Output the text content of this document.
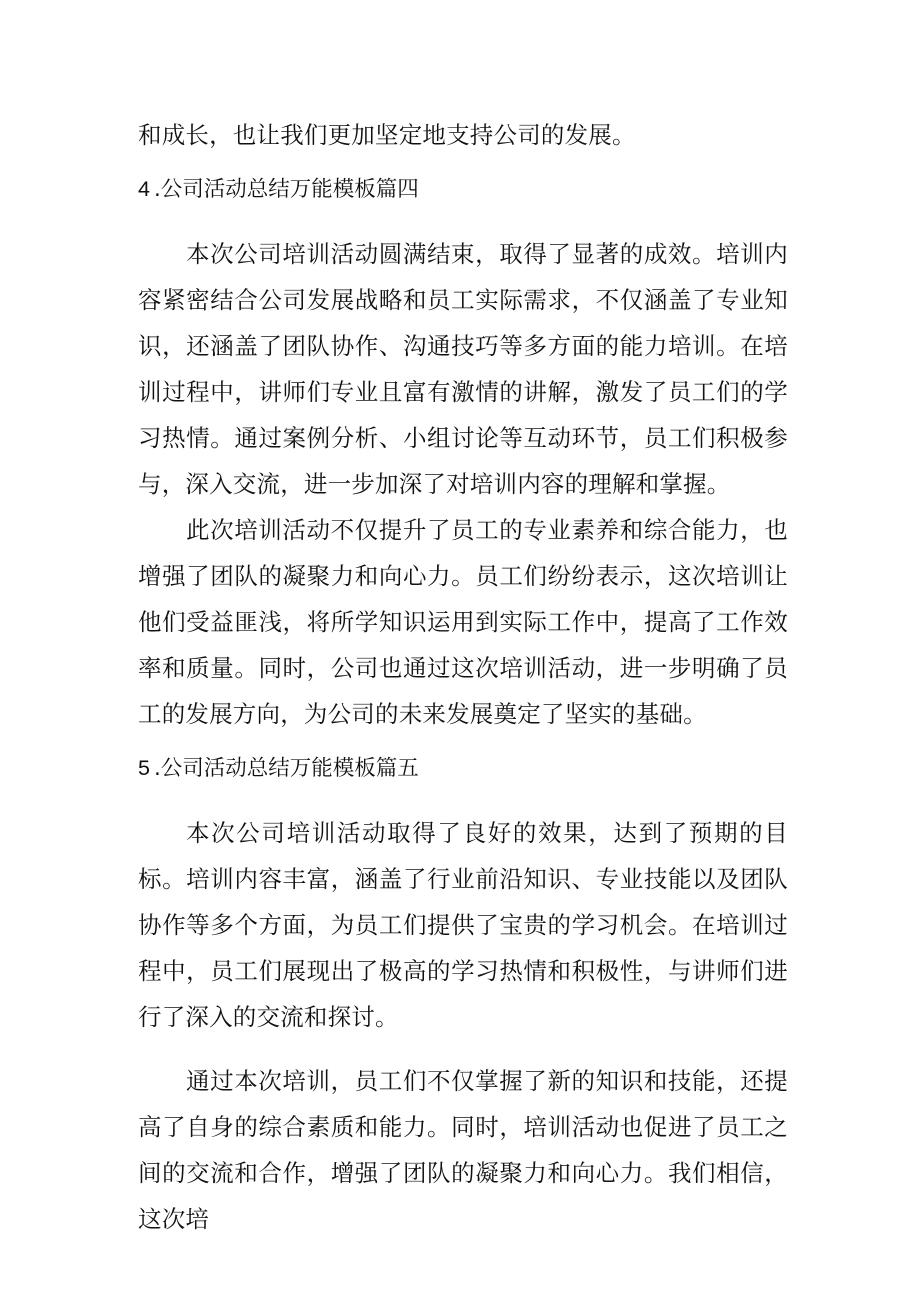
和成长，也让我们更加坚定地支持公司的发展。

4 .公司活动总结万能模板篇四

本次公司培训活动圆满结束，取得了显著的成效。培训内容紧密结合公司发展战略和员工实际需求，不仅涵盖了专业知识，还涵盖了团队协作、沟通技巧等多方面的能力培训。在培训过程中，讲师们专业且富有激情的讲解，激发了员工们的学习热情。通过案例分析、小组讨论等互动环节，员工们积极参与，深入交流，进一步加深了对培训内容的理解和掌握。

此次培训活动不仅提升了员工的专业素养和综合能力，也增强了团队的凝聚力和向心力。员工们纷纷表示，这次培训让他们受益匪浅，将所学知识运用到实际工作中，提高了工作效率和质量。同时，公司也通过这次培训活动，进一步明确了员工的发展方向，为公司的未来发展奠定了坚实的基础。

5 .公司活动总结万能模板篇五

本次公司培训活动取得了良好的效果，达到了预期的目标。培训内容丰富，涵盖了行业前沿知识、专业技能以及团队协作等多个方面，为员工们提供了宝贵的学习机会。在培训过程中，员工们展现出了极高的学习热情和积极性，与讲师们进行了深入的交流和探讨。

通过本次培训，员工们不仅掌握了新的知识和技能，还提高了自身的综合素质和能力。同时，培训活动也促进了员工之间的交流和合作，增强了团队的凝聚力和向心力。我们相信，这次培
